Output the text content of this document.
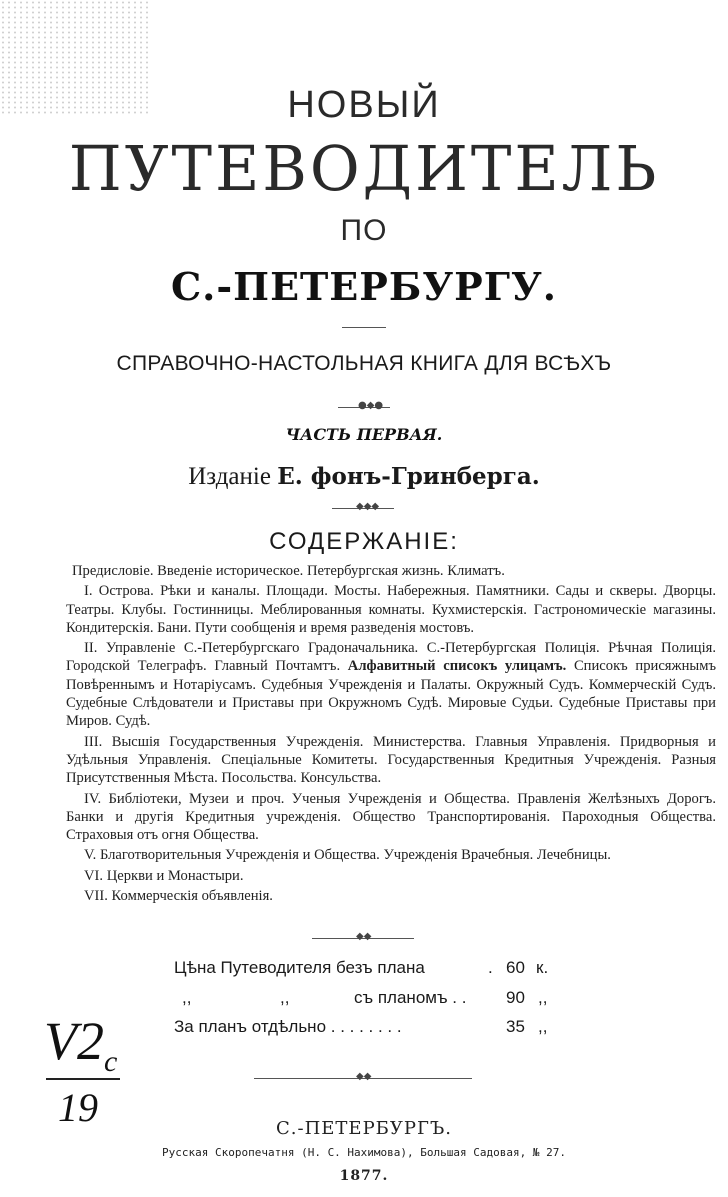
НОВЫЙ
ПУТЕВОДИТЕЛЬ
ПО
С.-ПЕТЕРБУРГУ.
СПРАВОЧНО-НАСТОЛЬНАЯ КНИГА ДЛЯ ВСѢХЪ
●◆●
ЧАСТЬ ПЕРВАЯ.
Изданіе Е. фонъ-Гринберга.
◆◆◆
СОДЕРЖАНІЕ:

Предисловіе. Введеніе историческое. Петербургская жизнь. Климатъ.

I. Острова. Рѣки и каналы. Площади. Мосты. Набережныя. Памятники. Сады и скверы. Дворцы. Театры. Клубы. Гостинницы. Меблированныя комнаты. Кухмистерскія. Гастрономическіе магазины. Кондитерскія. Бани. Пути сообщенія и время разведенія мостовъ.

II. Управленіе С.-Петербургскаго Градоначальника. С.-Петербургская Полиція. Рѣчная Полиція. Городской Телеграфъ. Главный Почтамтъ. Алфавитный списокъ улицамъ. Списокъ присяжнымъ Повѣреннымъ и Нотаріусамъ. Судебныя Учрежденія и Палаты. Окружный Судъ. Коммерческій Судъ. Судебные Слѣдователи и Приставы при Окружномъ Судѣ. Мировые Судьи. Судебные Приставы при Миров. Судѣ.

III. Высшія Государственныя Учрежденія. Министерства. Главныя Управленія. Придворныя и Удѣльныя Управленія. Спеціальные Комитеты. Государственныя Кредитныя Учрежденія. Разныя Присутственныя Мѣста. Посольства. Консульства.

IV. Библіотеки, Музеи и проч. Ученыя Учрежденія и Общества. Правленія Желѣзныхъ Дорогъ. Банки и другія Кредитныя учрежденія. Общество Транспортированія. Пароходныя Общества. Страховыя отъ огня Общества.

V. Благотворительныя Учрежденія и Общества. Учрежденія Врачебныя. Лечебницы.

VI. Церкви и Монастыри.

VII. Коммерческія объявленія.

◆◆
Цѣна Путеводителя безъ плана	. 60 к.
,,	,,	съ планомъ . . 90 ,,
За планъ отдѣльно . . . . . . . .	35 ,,
$V2_c$
19
◆◆
С.-ПЕТЕРБУРГЪ.
Русская Скоропечатня (Н. С. Нахимова), Большая Садовая, № 27.
1877.
